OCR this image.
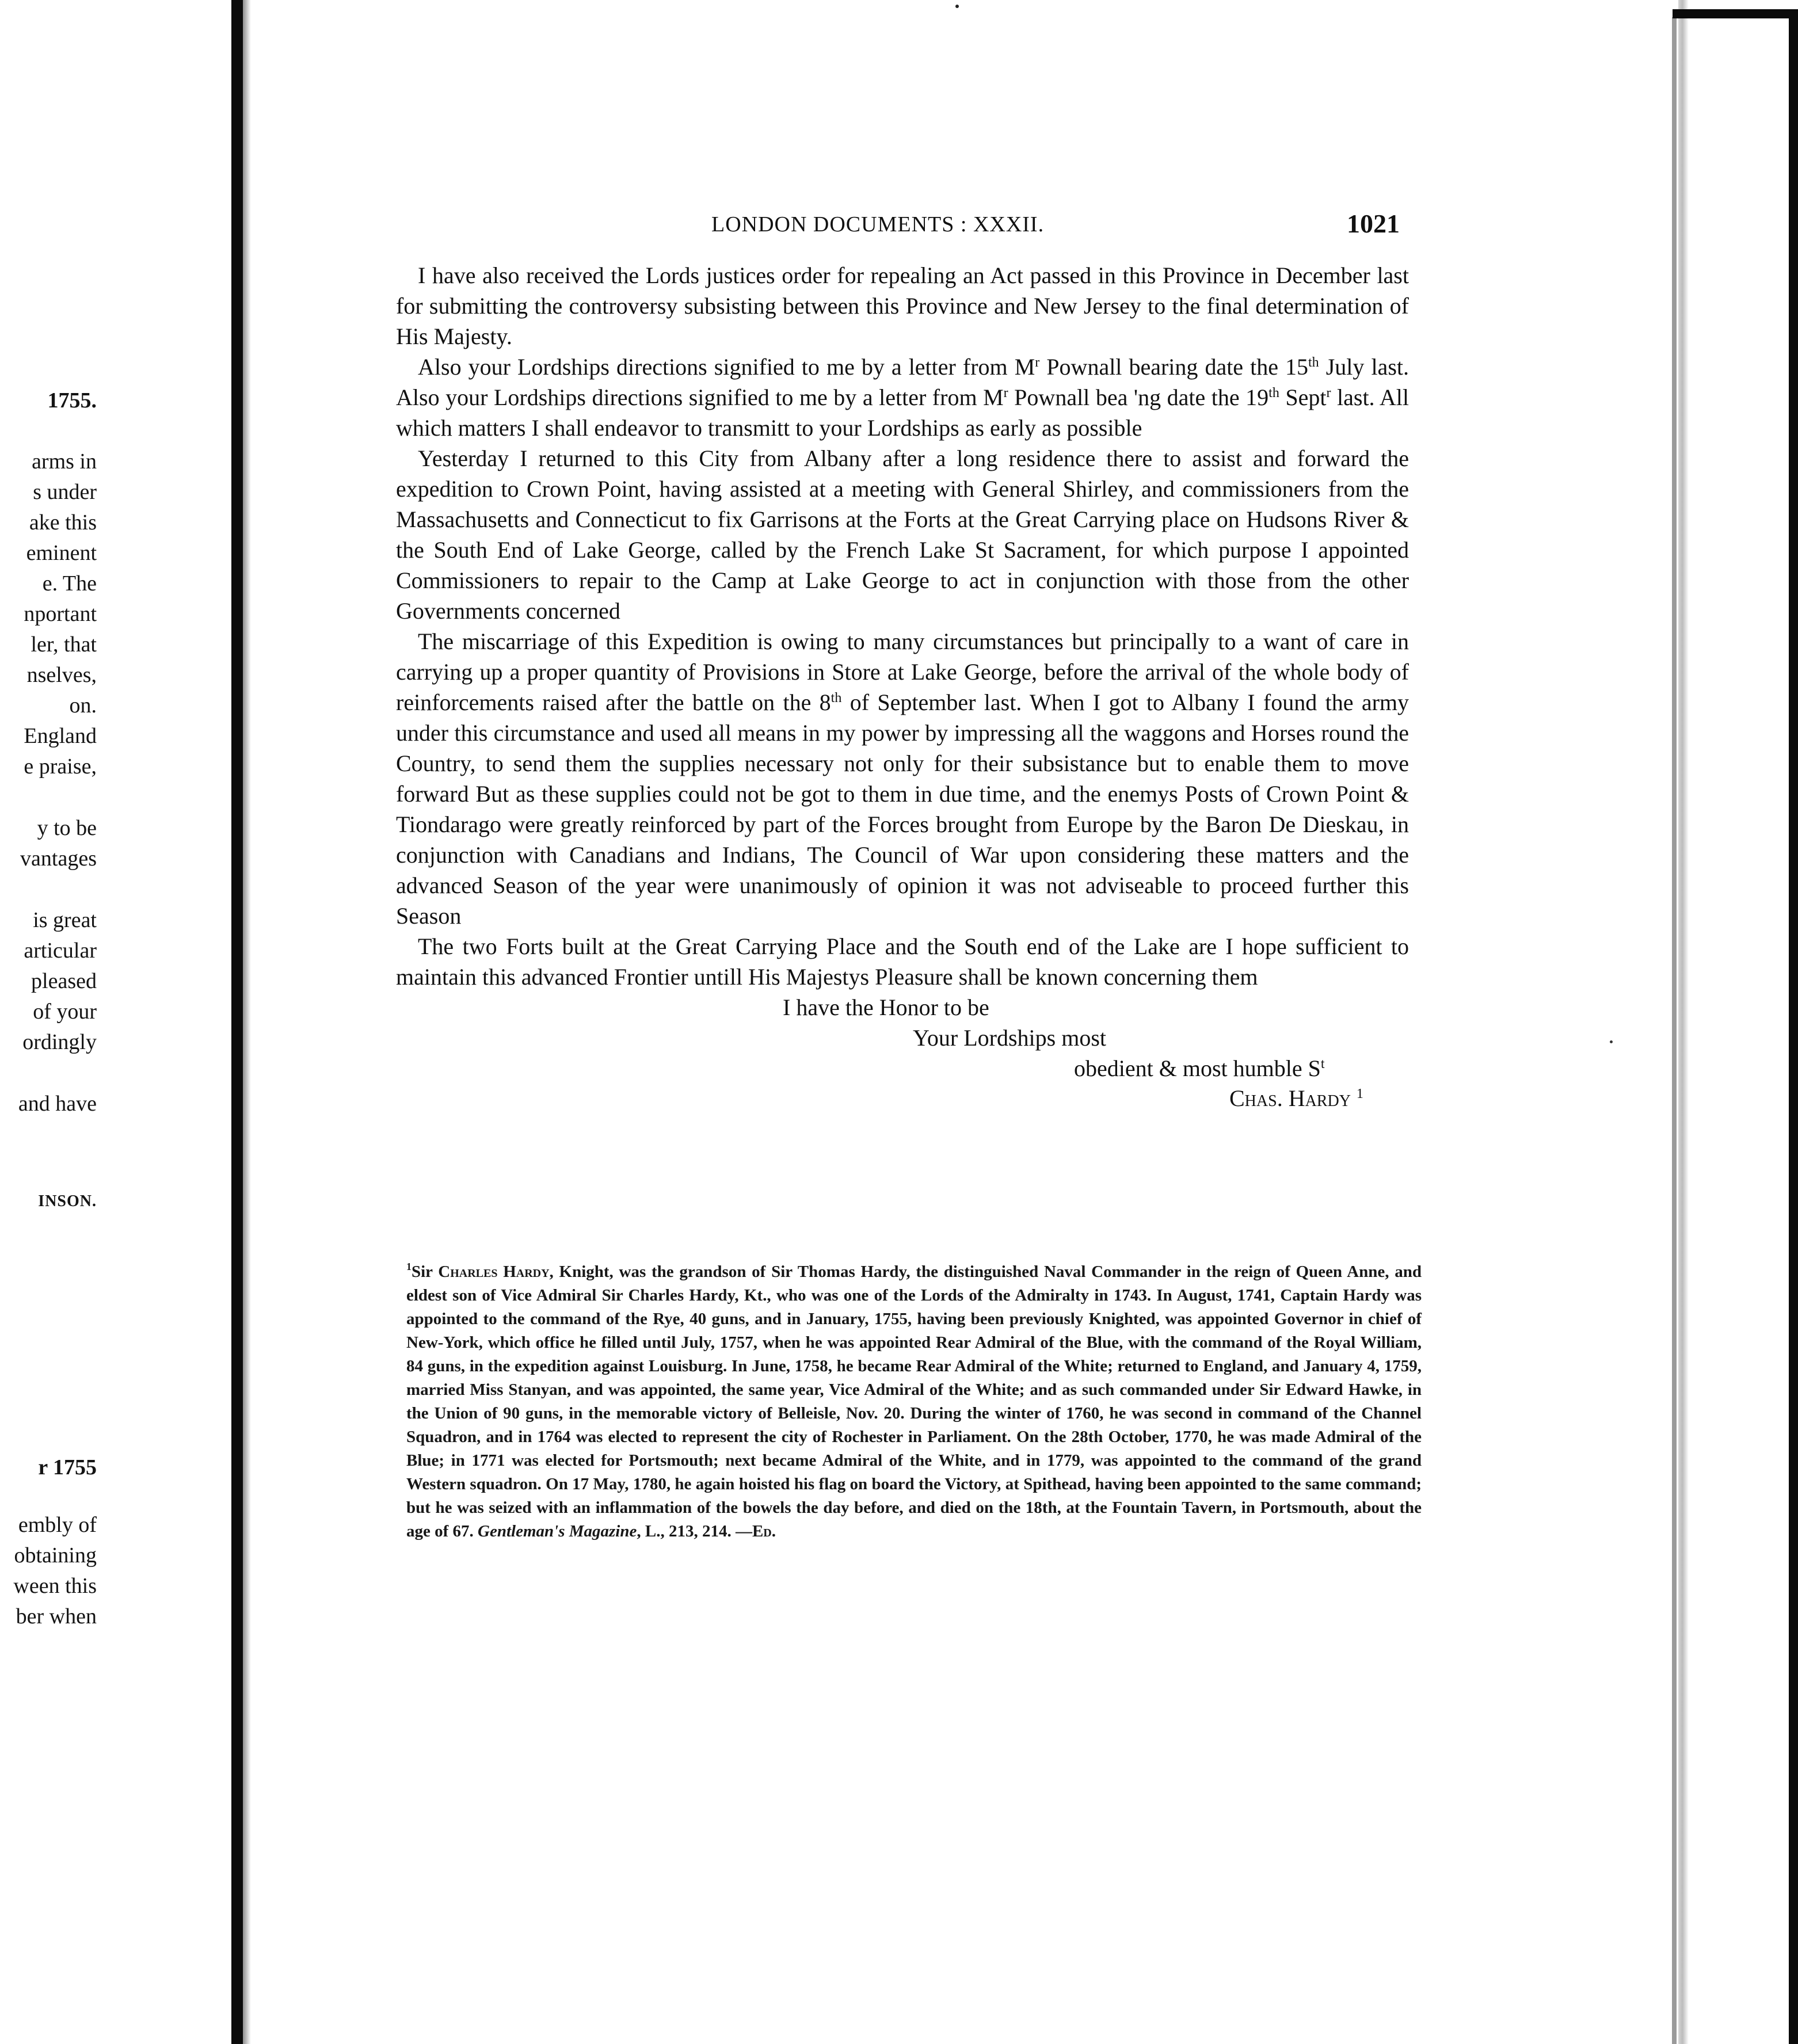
1755.
arms in
s under
ake this
eminent
e. The
nportant
ler, that
nselves,
on.
England
e praise,
y to be
vantages
is great
articular
pleased
of your
ordingly
and have
INSON.
r 1755
embly of
obtaining
ween this
ber when
LONDON DOCUMENTS : XXXII.	1021

I have also received the Lords justices order for repealing an Act passed in this Province in December last for submitting the controversy subsisting between this Province and New Jersey to the final determination of His Majesty.

Also your Lordships directions signified to me by a letter from $M^r$ Pownall bearing date the 15th July last. Also your Lordships directions signified to me by a letter from $M^r$ Pownall bea 'ng date the 19th Sept$^r$ last. All which matters I shall endeavor to transmitt to your Lordships as early as possible

Yesterday I returned to this City from Albany after a long residence there to assist and forward the expedition to Crown Point, having assisted at a meeting with General Shirley, and commissioners from the Massachusetts and Connecticut to fix Garrisons at the Forts at the Great Carrying place on Hudsons River & the South End of Lake George, called by the French Lake St Sacrament, for which purpose I appointed Commissioners to repair to the Camp at Lake George to act in conjunction with those from the other Governments concerned

The miscarriage of this Expedition is owing to many circumstances but principally to a want of care in carrying up a proper quantity of Provisions in Store at Lake George, before the arrival of the whole body of reinforcements raised after the battle on the 8th of September last. When I got to Albany I found the army under this circumstance and used all means in my power by impressing all the waggons and Horses round the Country, to send them the supplies necessary not only for their subsistance but to enable them to move forward But as these supplies could not be got to them in due time, and the enemys Posts of Crown Point & Tiondarago were greatly reinforced by part of the Forces brought from Europe by the Baron De Dieskau, in conjunction with Canadians and Indians, The Council of War upon considering these matters and the advanced Season of the year were unanimously of opinion it was not adviseable to proceed further this Season

The two Forts built at the Great Carrying Place and the South end of the Lake are I hope sufficient to maintain this advanced Frontier untill His Majestys Pleasure shall be known concerning them

I have the Honor to be
Your Lordships most
obedient & most humble $S^t$
Chas. Hardy $^1$
$^1$Sir Charles Hardy, Knight, was the grandson of Sir Thomas Hardy, the distinguished Naval Commander in the reign of Queen Anne, and eldest son of Vice Admiral Sir Charles Hardy, Kt., who was one of the Lords of the Admiralty in 1743. In August, 1741, Captain Hardy was appointed to the command of the Rye, 40 guns, and in January, 1755, having been previously Knighted, was appointed Governor in chief of New-York, which office he filled until July, 1757, when he was appointed Rear Admiral of the Blue, with the command of the Royal William, 84 guns, in the expedition against Louisburg. In June, 1758, he became Rear Admiral of the White; returned to England, and January 4, 1759, married Miss Stanyan, and was appointed, the same year, Vice Admiral of the White; and as such commanded under Sir Edward Hawke, in the Union of 90 guns, in the memorable victory of Belleisle, Nov. 20. During the winter of 1760, he was second in command of the Channel Squadron, and in 1764 was elected to represent the city of Rochester in Parliament. On the 28th October, 1770, he was made Admiral of the Blue; in 1771 was elected for Portsmouth; next became Admiral of the White, and in 1779, was appointed to the command of the grand Western squadron. On 17 May, 1780, he again hoisted his flag on board the Victory, at Spithead, having been appointed to the same command; but he was seized with an inflammation of the bowels the day before, and died on the 18th, at the Fountain Tavern, in Portsmouth, about the age of 67. Gentleman's Magazine, L., 213, 214. —Ed.
